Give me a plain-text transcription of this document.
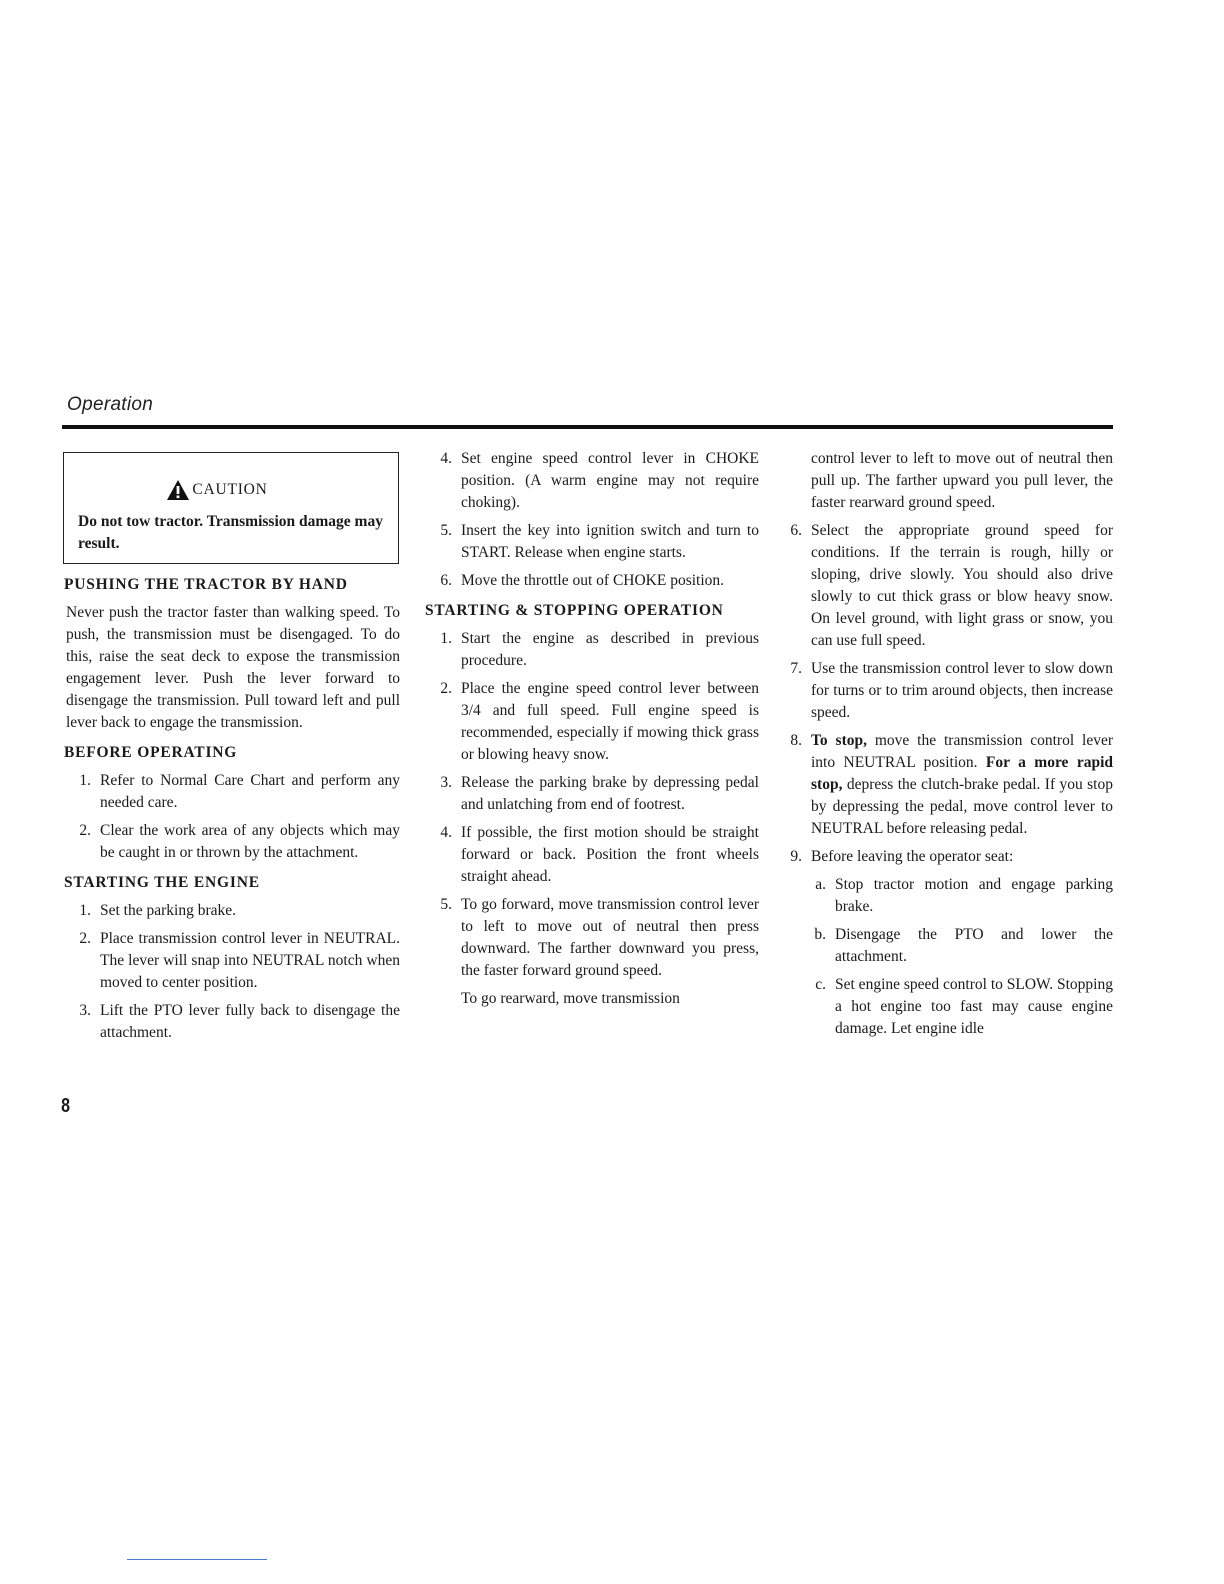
Operation
CAUTION
Do not tow tractor. Transmission damage may result.
PUSHING THE TRACTOR BY HAND

Never push the tractor faster than walking speed. To push, the transmission must be disengaged. To do this, raise the seat deck to expose the transmission engagement lever. Push the lever forward to disengage the transmission. Pull toward left and pull lever back to engage the transmission.

BEFORE OPERATING
1. Refer to Normal Care Chart and perform any needed care.
2. Clear the work area of any objects which may be caught in or thrown by the attachment.
STARTING THE ENGINE
1. Set the parking brake.
2. Place transmission control lever in NEUTRAL. The lever will snap into NEUTRAL notch when moved to center position.
3. Lift the PTO lever fully back to disengage the attachment.
4. Set engine speed control lever in CHOKE position. (A warm engine may not require choking).
5. Insert the key into ignition switch and turn to START. Release when engine starts.
6. Move the throttle out of CHOKE position.
STARTING & STOPPING OPERATION
1. Start the engine as described in previous procedure.
2. Place the engine speed control lever between 3/4 and full speed. Full engine speed is recommended, especially if mowing thick grass or blowing heavy snow.
3. Release the parking brake by depressing pedal and unlatching from end of footrest.
4. If possible, the first motion should be straight forward or back. Position the front wheels straight ahead.
5. To go forward, move transmission control lever to left to move out of neutral then press downward. The farther downward you press, the faster forward ground speed.
To go rearward, move transmission
control lever to left to move out of neutral then pull up. The farther upward you pull lever, the faster rearward ground speed.
6. Select the appropriate ground speed for conditions. If the terrain is rough, hilly or sloping, drive slowly. You should also drive slowly to cut thick grass or blow heavy snow. On level ground, with light grass or snow, you can use full speed.
7. Use the transmission control lever to slow down for turns or to trim around objects, then increase speed.
8. To stop, move the transmission control lever into NEUTRAL position. For a more rapid stop, depress the clutch-brake pedal. If you stop by depressing the pedal, move control lever to NEUTRAL before releasing pedal.
9. Before leaving the operator seat:
a. Stop tractor motion and engage parking brake.
b. Disengage the PTO and lower the attachment.
c. Set engine speed control to SLOW. Stopping a hot engine too fast may cause engine damage. Let engine idle
8
